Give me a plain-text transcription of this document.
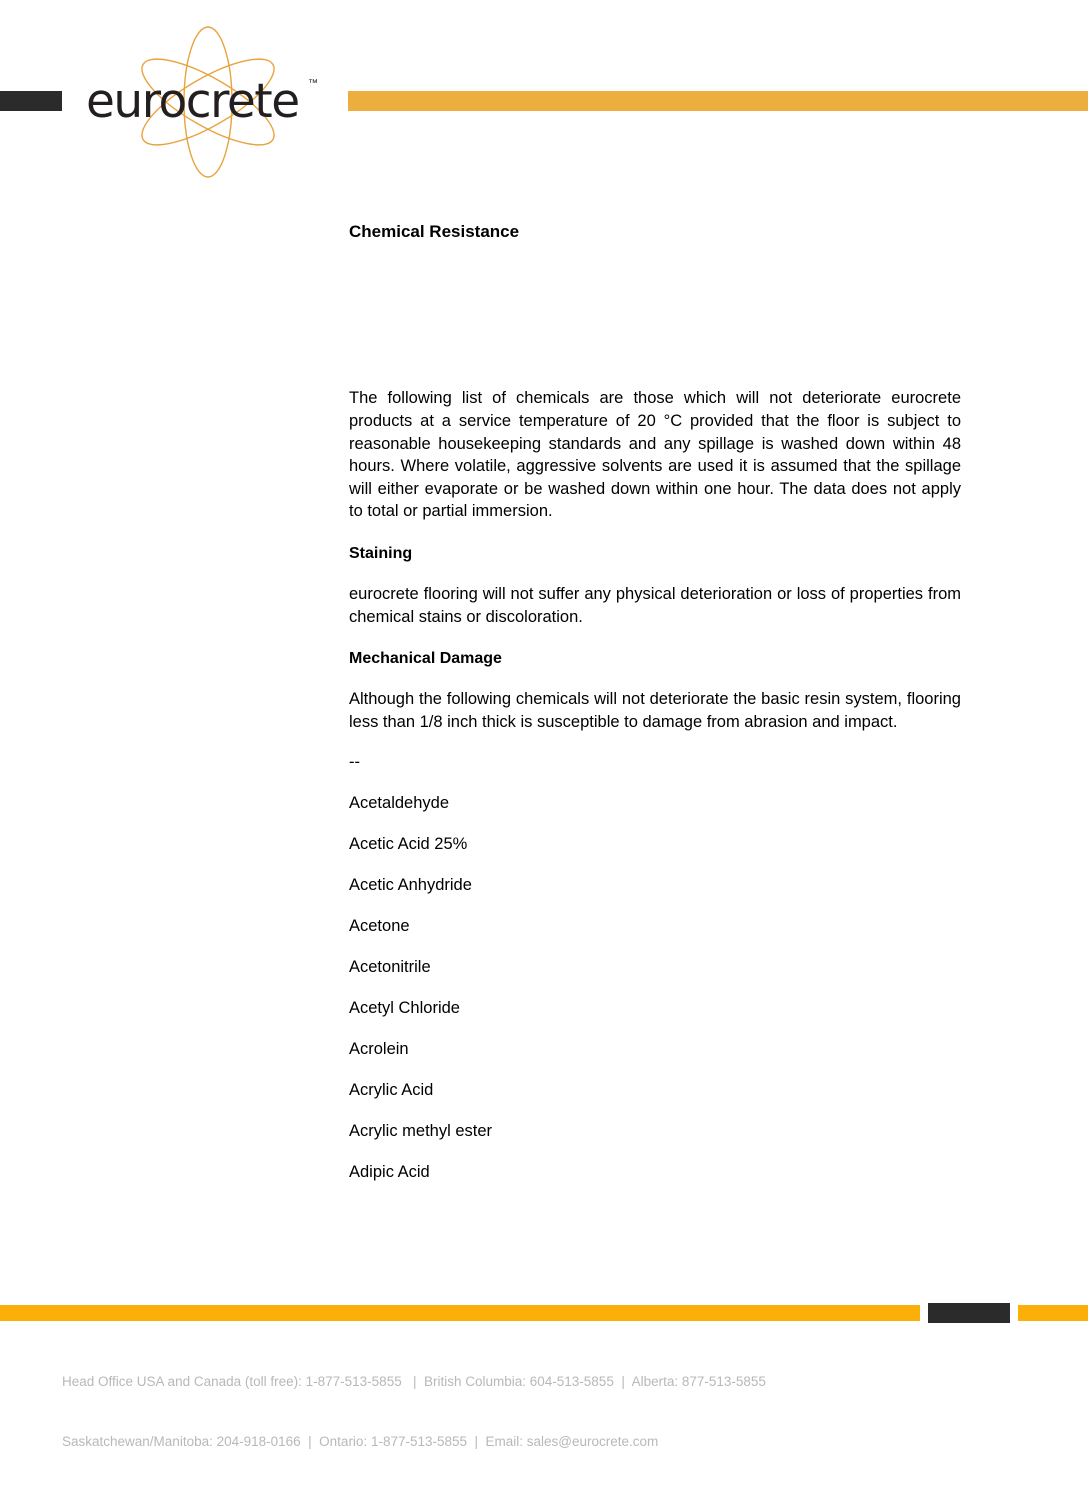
eurocrete ™
Chemical Resistance

The following list of chemicals are those which will not deteriorate eurocrete products at a service temperature of 20 °C provided that the floor is subject to reasonable housekeeping standards and any spillage is washed down within 48 hours. Where volatile, aggressive solvents are used it is assumed that the spillage will either evaporate or be washed down within one hour. The data does not apply to total or partial immersion.

Staining

eurocrete flooring will not suffer any physical deterioration or loss of properties from chemical stains or discoloration.

Mechanical Damage

Although the following chemicals will not deteriorate the basic resin system, flooring less than 1/8 inch thick is susceptible to damage from abrasion and impact.

--
Acetaldehyde
Acetic Acid 25%
Acetic Anhydride
Acetone
Acetonitrile
Acetyl Chloride
Acrolein
Acrylic Acid
Acrylic methyl ester
Adipic Acid

Head Office USA and Canada (toll free): 1-877-513-5855   |  British Columbia: 604-513-5855  |  Alberta: 877-513-5855

Saskatchewan/Manitoba: 204-918-0166  |  Ontario: 1-877-513-5855  |  Email: sales@eurocrete.com
